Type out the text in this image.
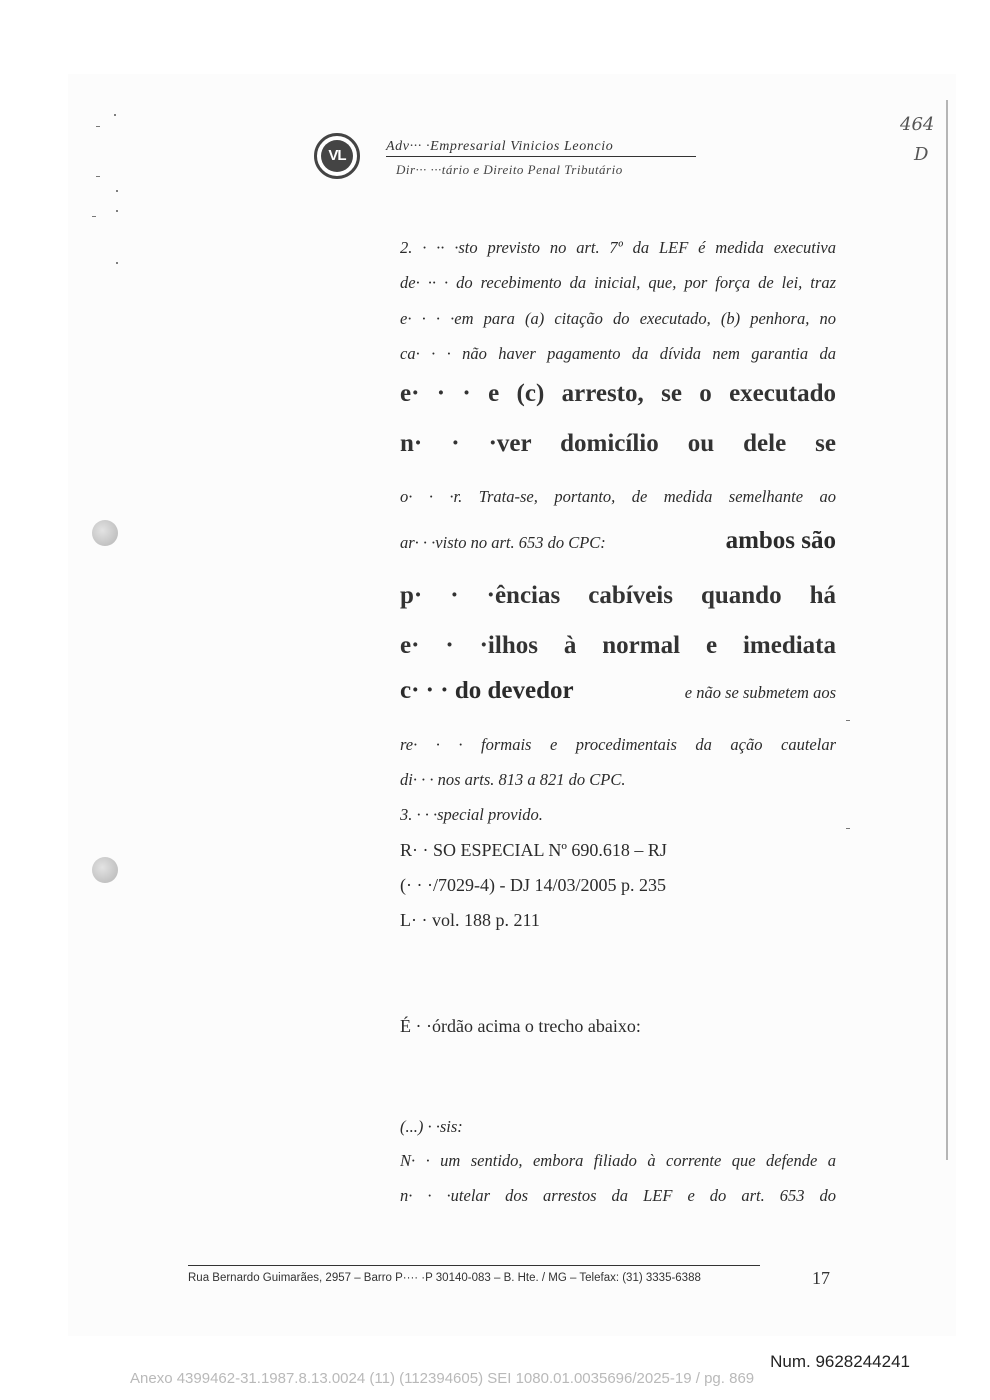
464
D
VL
Adv··· ·Empresarial Vinicios Leoncio
Dir··· ···tário e Direito Penal Tributário
2. · ·· ·sto previsto no art. 7º da LEF é medida executiva
de· ·· · do recebimento da inicial, que, por força de lei, traz
e· · · ·em para (a) citação do executado, (b) penhora, no
ca· · · não haver pagamento da dívida nem garantia da
e· · · e (c) arresto, se o executado
n· · ·ver domicílio ou dele se
o· · ·r. Trata-se, portanto, de medida semelhante ao
ar· · ·visto no art. 653 do CPC:	ambos são
p· · ·ências cabíveis quando há
e· · ·ilhos à normal e imediata
c· · · do devedor	e não se submetem aos
re· · · formais e procedimentais da ação cautelar
di· · · nos arts. 813 a 821 do CPC.
3. · · ·special provido.
R· · SO ESPECIAL Nº 690.618 – RJ
(· · ·/7029-4) - DJ 14/03/2005 p. 235
L· · vol. 188 p. 211
É · ·órdão acima o trecho abaixo:
(...) · ·sis:
N· · um sentido, embora filiado à corrente que defende a
n· · ·utelar dos arrestos da LEF e do art. 653 do
Rua Bernardo Guimarães, 2957 – Barro P···· ·P 30140-083 – B. Hte. / MG – Telefax: (31) 3335-6388	17
Num. 9628244241
Anexo 4399462-31.1987.8.13.0024 (11) (112394605) SEI 1080.01.0035696/2025-19 / pg. 869
